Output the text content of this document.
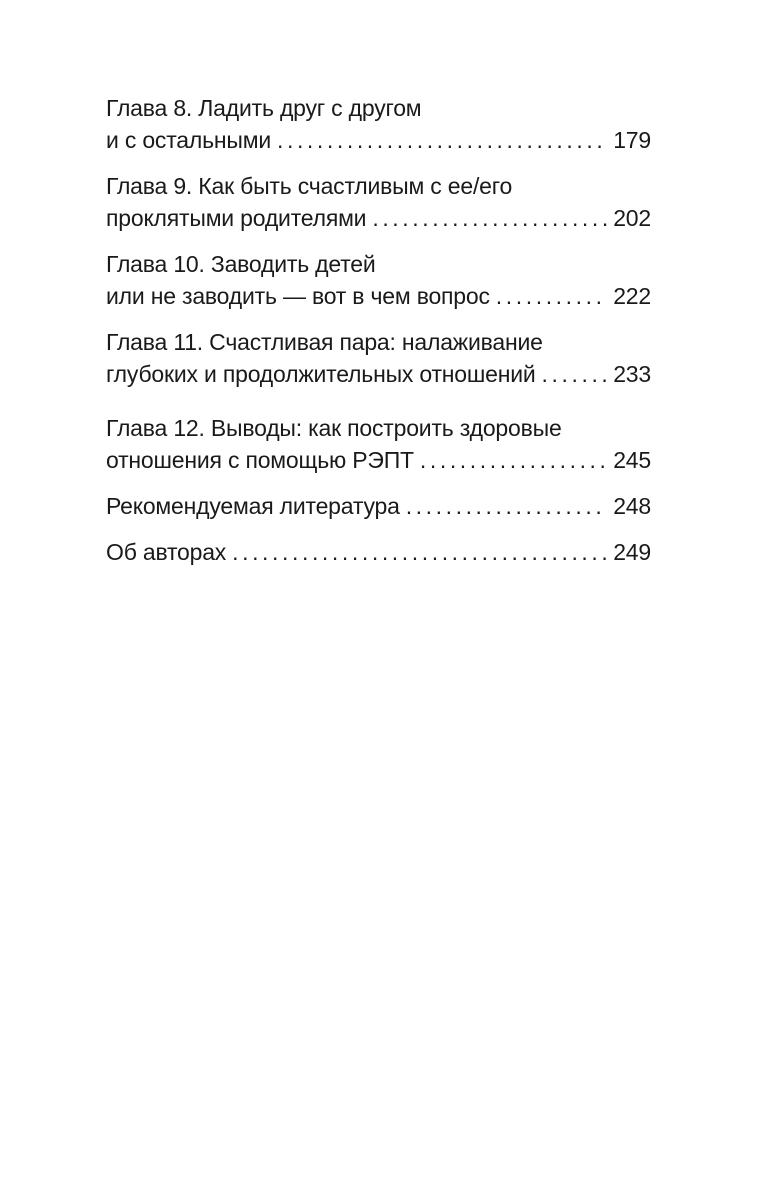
Глава 8. Ладить друг с другом
и с остальными . . .	179
Глава 9. Как быть счастливым с ее/его
проклятыми родителями . . .	202
Глава 10. Заводить детей
или не заводить — вот в чем вопрос . . .	222
Глава 11. Счастливая пара: налаживание
глубоких и продолжительных отношений . . .	233
Глава 12. Выводы: как построить здоровые
отношения с помощью РЭПТ . . .	245
Рекомендуемая литература . . .	248
Об авторах . . .	249
